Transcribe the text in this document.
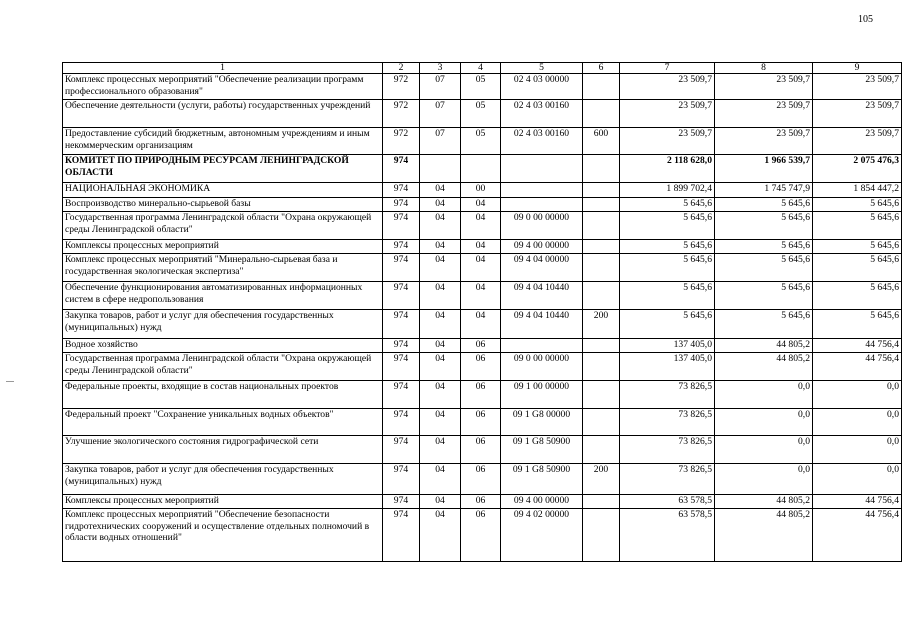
105
1	2	3	4	5	6	7	8	9
Комплекс процессных мероприятий "Обеспечение реализации программ профессионального образования"	972	07	05	02 4 03 00000		23 509,7	23 509,7	23 509,7
Обеспечение деятельности (услуги, работы) государственных учреждений	972	07	05	02 4 03 00160		23 509,7	23 509,7	23 509,7
Предоставление субсидий бюджетным, автономным учреждениям и иным некоммерческим организациям	972	07	05	02 4 03 00160	600	23 509,7	23 509,7	23 509,7
КОМИТЕТ ПО ПРИРОДНЫМ РЕСУРСАМ ЛЕНИНГРАДСКОЙ ОБЛАСТИ	974					2 118 628,0	1 966 539,7	2 075 476,3
НАЦИОНАЛЬНАЯ ЭКОНОМИКА	974	04	00			1 899 702,4	1 745 747,9	1 854 447,2
Воспроизводство минерально-сырьевой базы	974	04	04			5 645,6	5 645,6	5 645,6
Государственная программа Ленинградской области "Охрана окружающей среды Ленинградской области"	974	04	04	09 0 00 00000		5 645,6	5 645,6	5 645,6
Комплексы процессных мероприятий	974	04	04	09 4 00 00000		5 645,6	5 645,6	5 645,6
Комплекс процессных мероприятий "Минерально-сырьевая база и государственная экологическая экспертиза"	974	04	04	09 4 04 00000		5 645,6	5 645,6	5 645,6
Обеспечение функционирования автоматизированных информационных систем в сфере недропользования	974	04	04	09 4 04 10440		5 645,6	5 645,6	5 645,6
Закупка товаров, работ и услуг для обеспечения государственных (муниципальных) нужд	974	04	04	09 4 04 10440	200	5 645,6	5 645,6	5 645,6
Водное хозяйство	974	04	06			137 405,0	44 805,2	44 756,4
Государственная программа Ленинградской области "Охрана окружающей среды Ленинградской области"	974	04	06	09 0 00 00000		137 405,0	44 805,2	44 756,4
Федеральные проекты, входящие в состав национальных проектов	974	04	06	09 1 00 00000		73 826,5	0,0	0,0
Федеральный проект "Сохранение уникальных водных объектов"	974	04	06	09 1 G8 00000		73 826,5	0,0	0,0
Улучшение экологического состояния гидрографической сети	974	04	06	09 1 G8 50900		73 826,5	0,0	0,0
Закупка товаров, работ и услуг для обеспечения государственных (муниципальных) нужд	974	04	06	09 1 G8 50900	200	73 826,5	0,0	0,0
Комплексы процессных мероприятий	974	04	06	09 4 00 00000		63 578,5	44 805,2	44 756,4
Комплекс процессных мероприятий "Обеспечение безопасности гидротехнических сооружений и осуществление отдельных полномочий в области водных отношений"	974	04	06	09 4 02 00000		63 578,5	44 805,2	44 756,4
